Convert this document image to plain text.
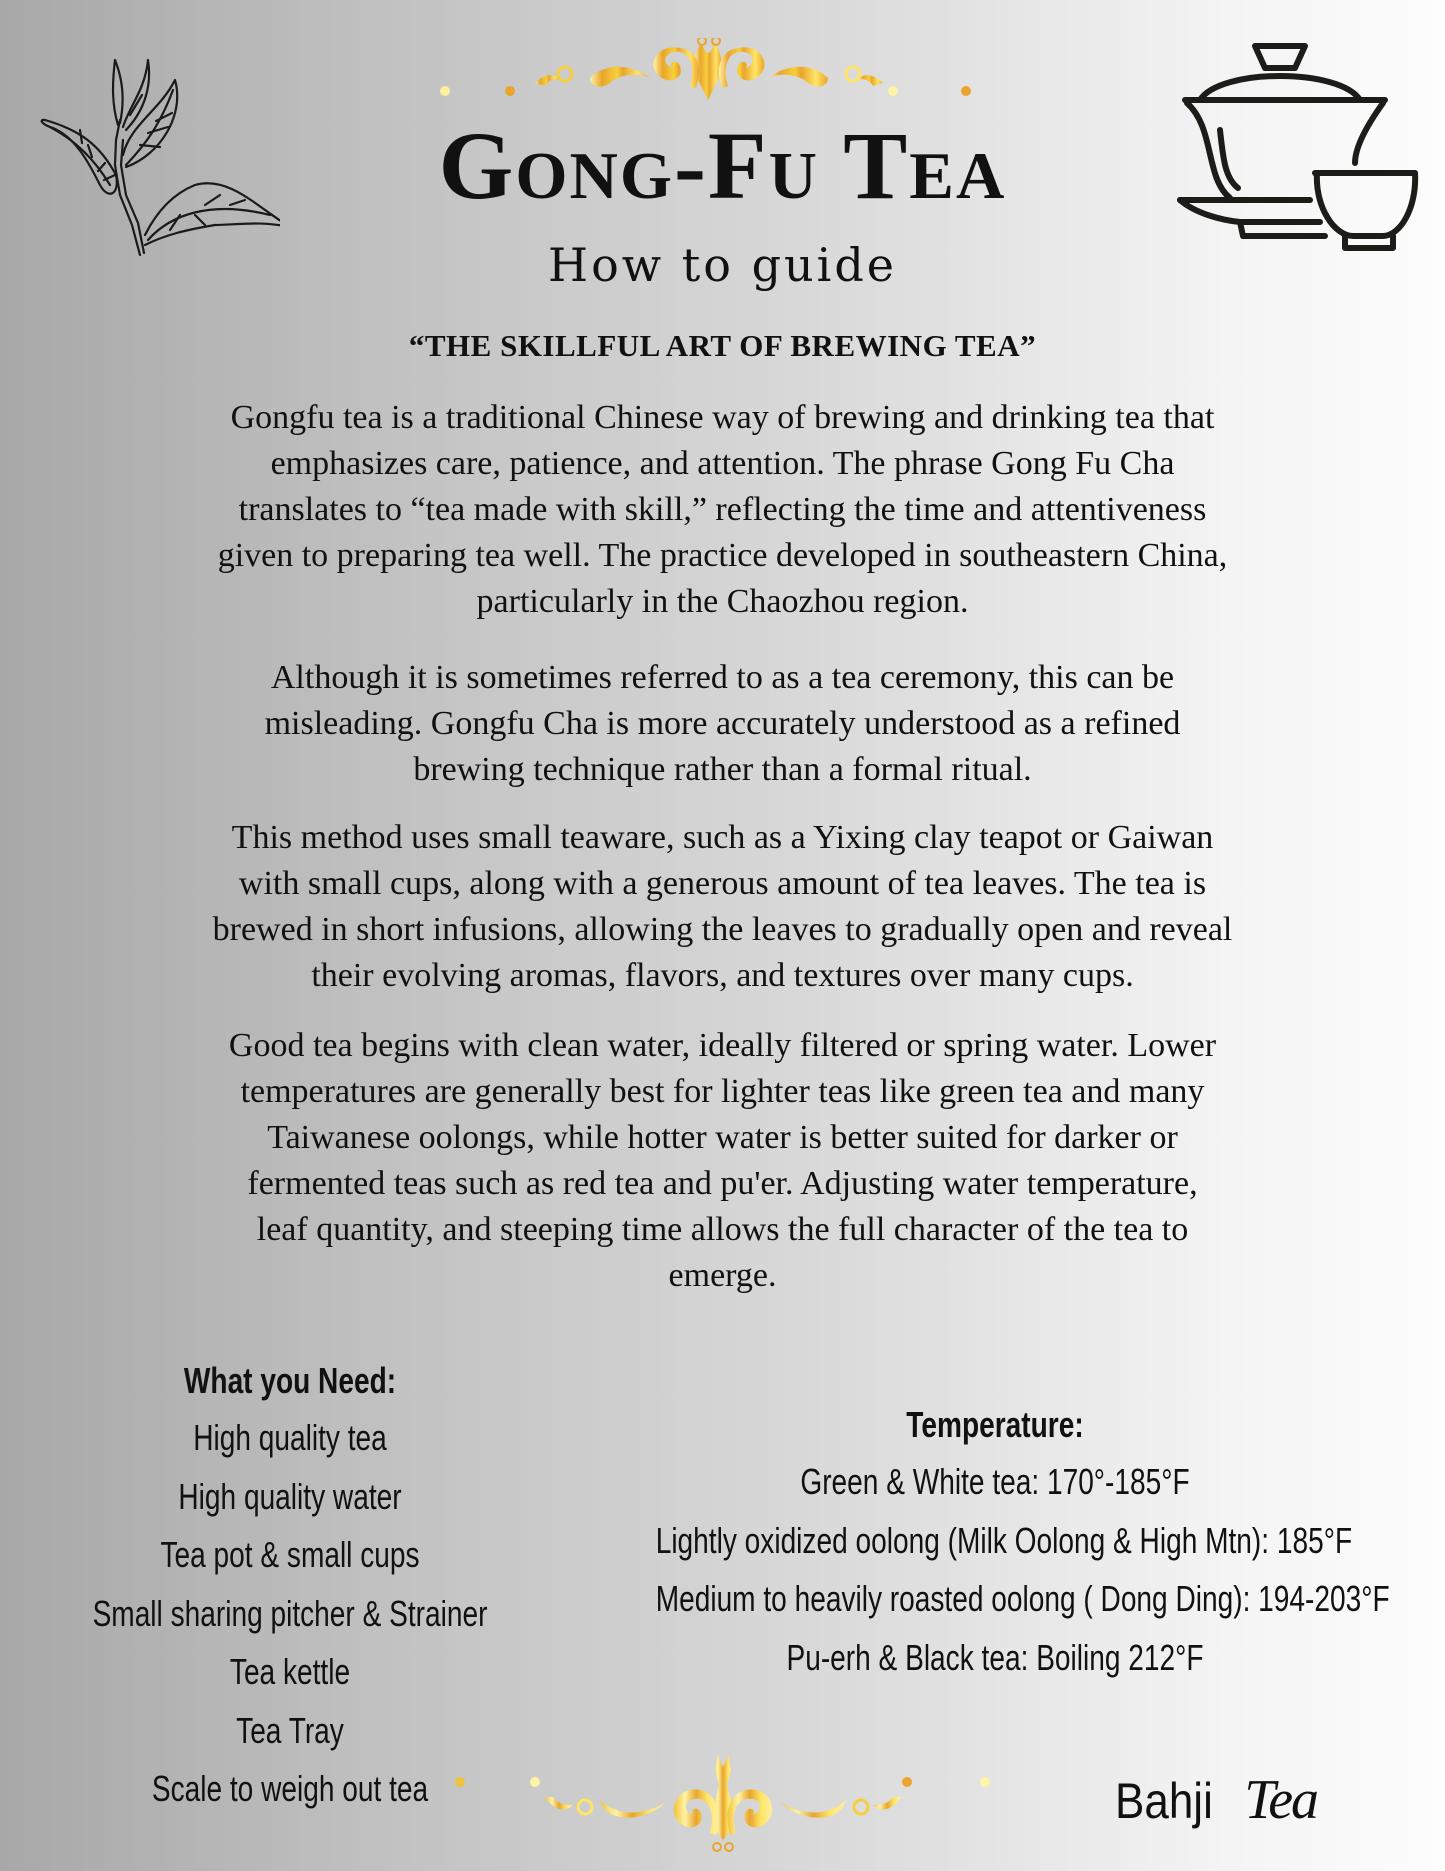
Gong-Fu Tea
How to guide
“THE SKILLFUL ART OF BREWING TEA”
Gongfu tea is a traditional Chinese way of brewing and drinking tea that
emphasizes care, patience, and attention. The phrase Gong Fu Cha
translates to “tea made with skill,” reflecting the time and attentiveness
given to preparing tea well. The practice developed in southeastern China,
particularly in the Chaozhou region.
Although it is sometimes referred to as a tea ceremony, this can be
misleading. Gongfu Cha is more accurately understood as a refined
brewing technique rather than a formal ritual.
This method uses small teaware, such as a Yixing clay teapot or Gaiwan
with small cups, along with a generous amount of tea leaves. The tea is
brewed in short infusions, allowing the leaves to gradually open and reveal
their evolving aromas, flavors, and textures over many cups.
Good tea begins with clean water, ideally filtered or spring water. Lower
temperatures are generally best for lighter teas like green tea and many
Taiwanese oolongs, while hotter water is better suited for darker or
fermented teas such as red tea and pu'er. Adjusting water temperature,
leaf quantity, and steeping time allows the full character of the tea to
emerge.
What you Need:
High quality tea
High quality water
Tea pot & small cups
Small sharing pitcher & Strainer
Tea kettle
Tea Tray
Scale to weigh out tea
Temperature:
Green & White tea: 170°-185°F
Lightly oxidized oolong (Milk Oolong & High Mtn): 185°F
Medium to heavily roasted oolong ( Dong Ding): 194-203°F
Pu-erh & Black tea: Boiling 212°F
Bahji Tea
